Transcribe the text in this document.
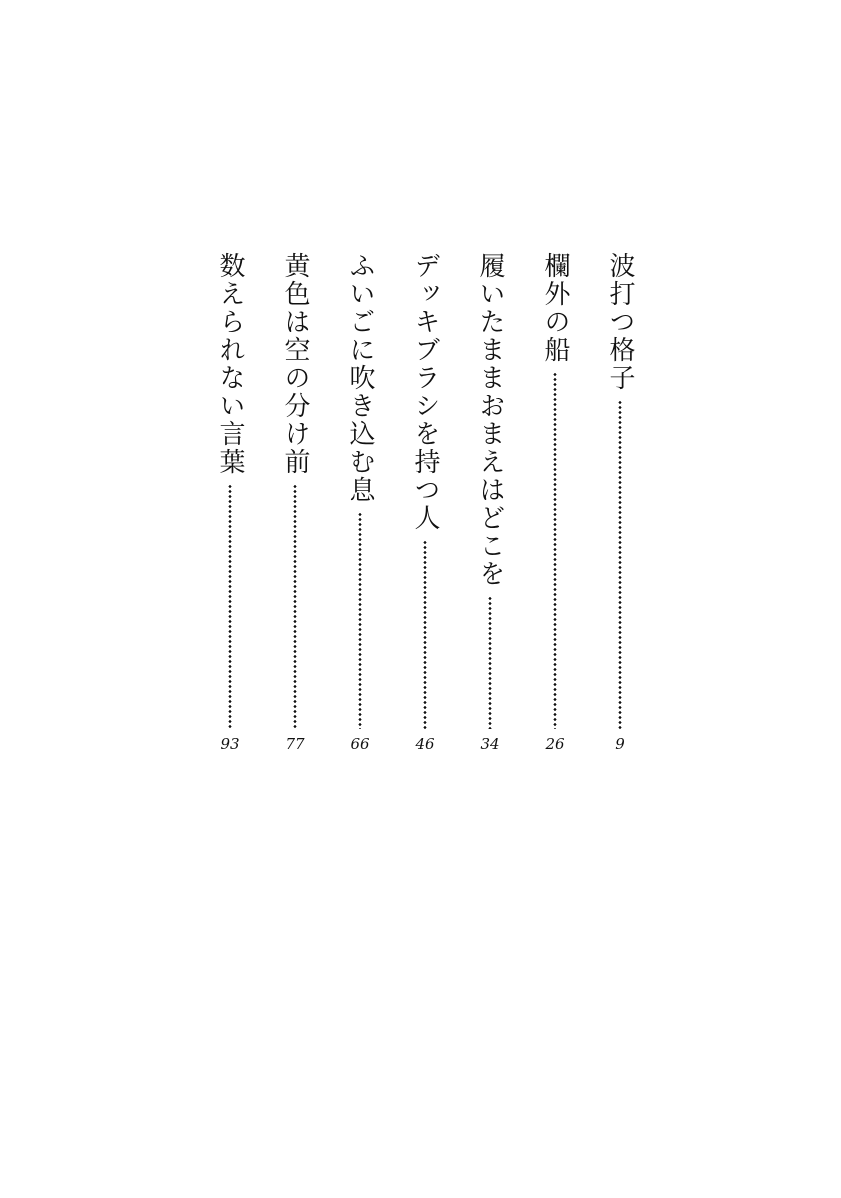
波打つ格子
9
欄外の船
26
履いたままおまえはどこを
34
デッキブラシを持つ人
46
ふいごに吹き込む息
66
黄色は空の分け前
77
数えられない言葉
93
